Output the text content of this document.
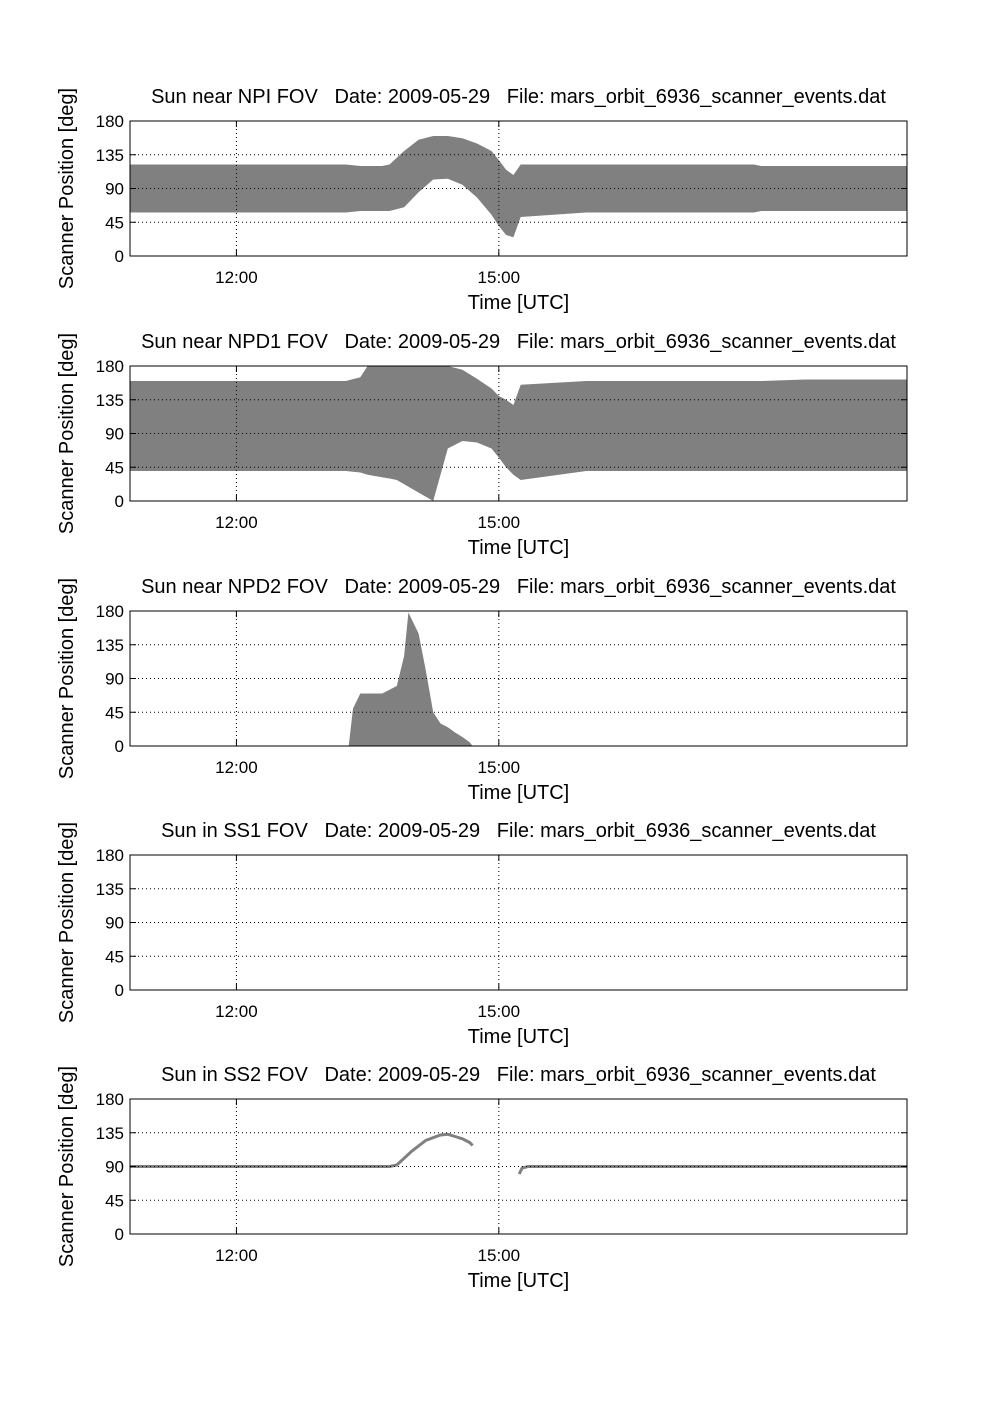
Sun near NPI FOV   Date: 2009-05-29   File: mars_orbit_6936_scanner_events.dat
0
45
90
135
180
12:00	15:00
Time [UTC]
Scanner Position [deg]
Sun near NPD1 FOV   Date: 2009-05-29   File: mars_orbit_6936_scanner_events.dat
0
45
90
135
180
12:00	15:00
Time [UTC]
Scanner Position [deg]
Sun near NPD2 FOV   Date: 2009-05-29   File: mars_orbit_6936_scanner_events.dat
0
45
90
135
180
12:00	15:00
Time [UTC]
Scanner Position [deg]
Sun in SS1 FOV   Date: 2009-05-29   File: mars_orbit_6936_scanner_events.dat
0
45
90
135
180
12:00	15:00
Time [UTC]
Scanner Position [deg]
Sun in SS2 FOV   Date: 2009-05-29   File: mars_orbit_6936_scanner_events.dat
0
45
90
135
180
12:00	15:00
Time [UTC]
Scanner Position [deg]
